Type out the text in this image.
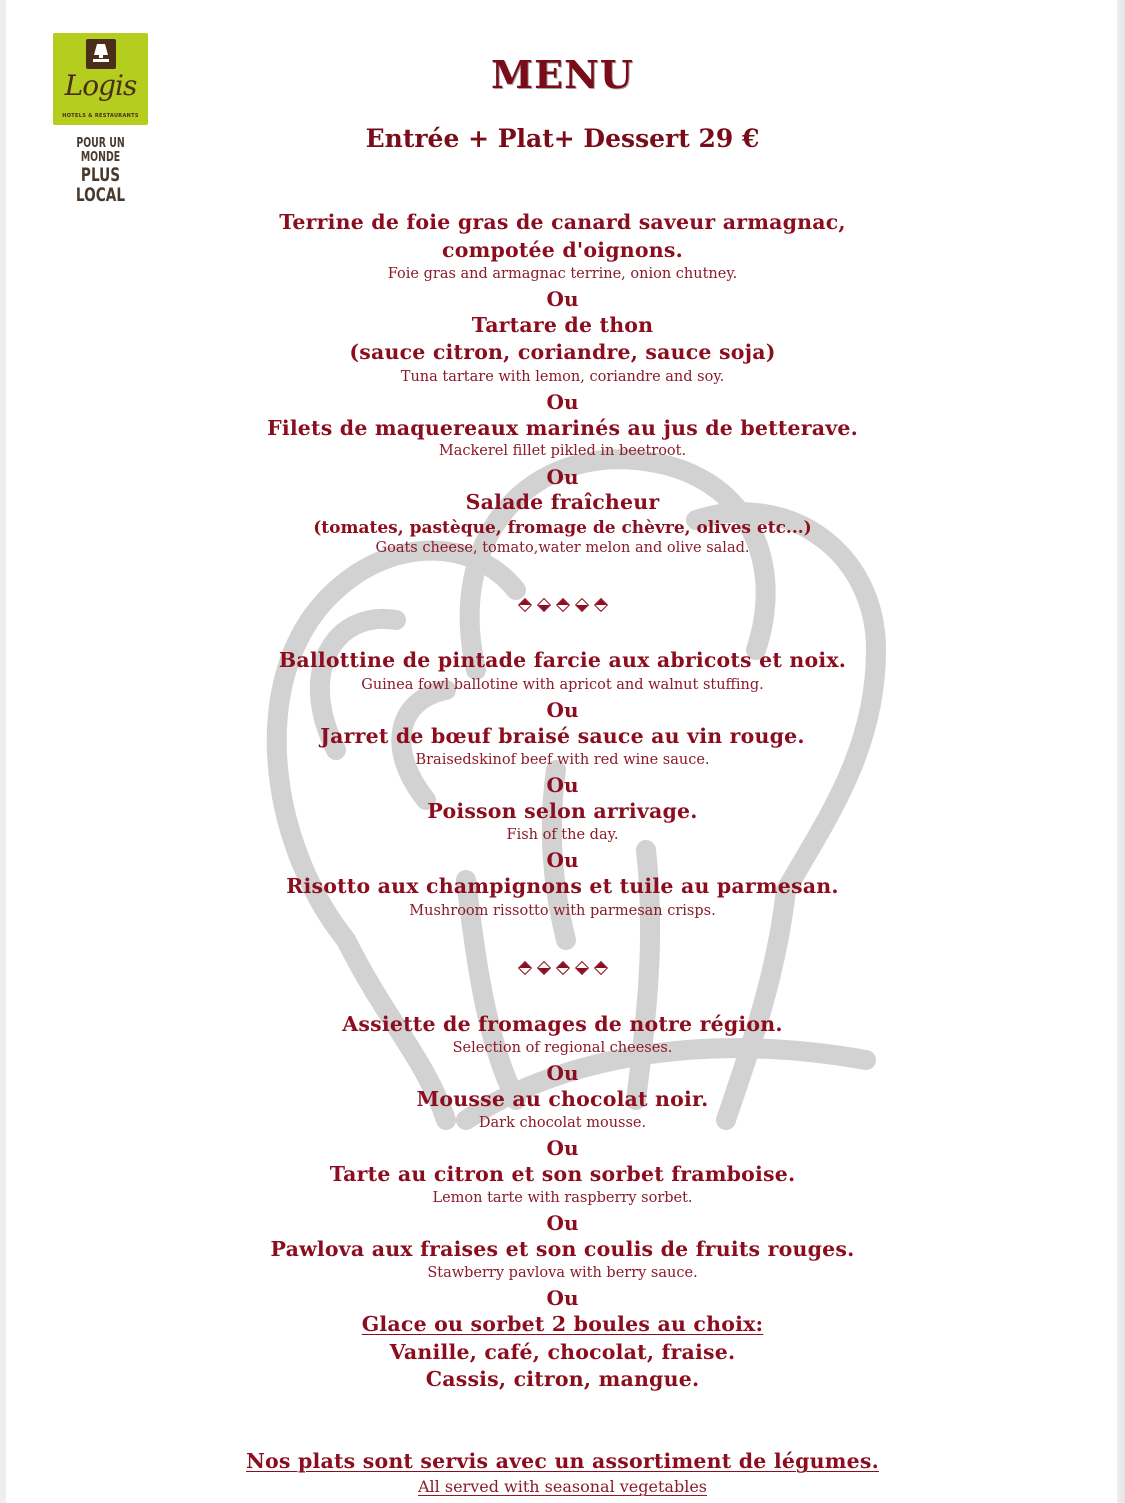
Logis
HOTELS & RESTAURANTS
POUR UN MONDE
PLUS LOCAL
MENU
Entrée + Plat+ Dessert 29 €
Terrine de foie gras de canard saveur armagnac,
compotée d'oignons.
Foie gras and armagnac terrine, onion chutney.
Ou
Tartare de thon
(sauce citron, coriandre, sauce soja)
Tuna tartare with lemon, coriandre and soy.
Ou
Filets de maquereaux marinés au jus de betterave.
Mackerel fillet pikled in beetroot.
Ou
Salade fraîcheur
(tomates, pastèque, fromage de chèvre, olives etc...)
Goats cheese, tomato,water melon and olive salad.
Ballottine de pintade farcie aux abricots et noix.
Guinea fowl ballotine with apricot and walnut stuffing.
Ou
Jarret de bœuf braisé sauce au vin rouge.
Braisedskinof beef with red wine sauce.
Ou
Poisson selon arrivage.
Fish of the day.
Ou
Risotto aux champignons et tuile au parmesan.
Mushroom rissotto with parmesan crisps.
Assiette de fromages de notre région.
Selection of regional cheeses.
Ou
Mousse au chocolat noir.
Dark chocolat mousse.
Ou
Tarte au citron et son sorbet framboise.
Lemon tarte with raspberry sorbet.
Ou
Pawlova aux fraises et son coulis de fruits rouges.
Stawberry pavlova with berry sauce.
Ou
Glace ou sorbet 2 boules au choix:
Vanille, café, chocolat, fraise.
Cassis, citron, mangue.
Nos plats sont servis avec un assortiment de légumes.
All served with seasonal vegetables
